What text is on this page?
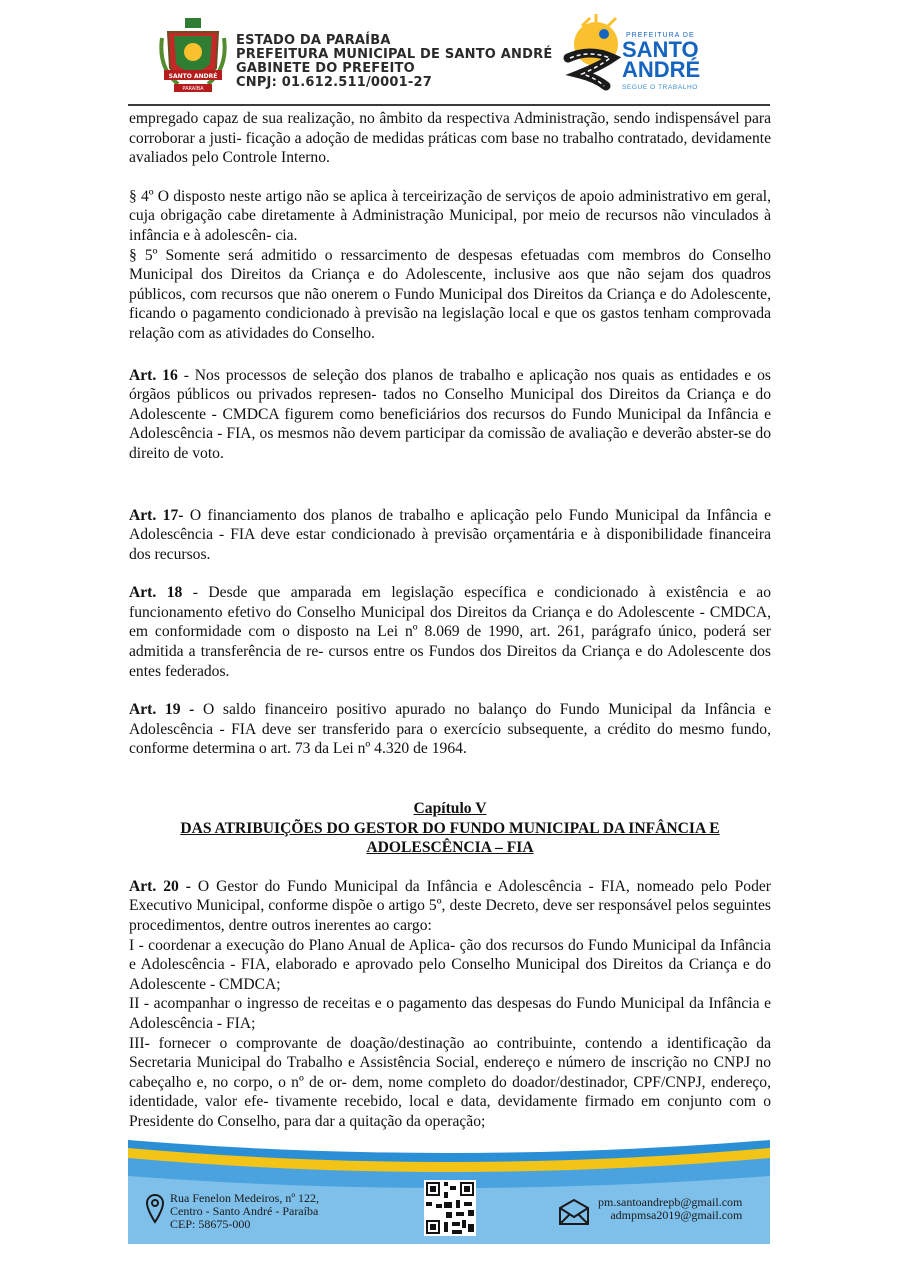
SANTO ANDRÉ
PARAÍBA
ESTADO DA PARAÍBA
PREFEITURA MUNICIPAL DE SANTO ANDRÉ
GABINETE DO PREFEITO
CNPJ: 01.612.511/0001-27
PREFEITURA DE
SANTO
ANDRÉ
SEGUE O TRABALHO

empregado capaz de sua realização, no âmbito da respectiva Administração, sendo indispensável para corroborar a justi- ficação a adoção de medidas práticas com base no trabalho contratado, devidamente avaliados pelo Controle Interno.

§ 4º O disposto neste artigo não se aplica à terceirização de serviços de apoio administrativo em geral, cuja obrigação cabe diretamente à Administração Municipal, por meio de recursos não vinculados à infância e à adolescên- cia.

§ 5º Somente será admitido o ressarcimento de despesas efetuadas com membros do Conselho Municipal dos Direitos da Criança e do Adolescente, inclusive aos que não sejam dos quadros públicos, com recursos que não onerem o Fundo Municipal dos Direitos da Criança e do Adolescente, ficando o pagamento condicionado à previsão na legislação local e que os gastos tenham comprovada relação com as atividades do Conselho.

Art. 16 - Nos processos de seleção dos planos de trabalho e aplicação nos quais as entidades e os órgãos públicos ou privados represen- tados no Conselho Municipal dos Direitos da Criança e do Adolescente - CMDCA figurem como beneficiários dos recursos do Fundo Municipal da Infância e Adolescência - FIA, os mesmos não devem participar da comissão de avaliação e deverão abster-se do direito de voto.

Art. 17- O financiamento dos planos de trabalho e aplicação pelo Fundo Municipal da Infância e Adolescência - FIA deve estar condicionado à previsão orçamentária e à disponibilidade financeira dos recursos.

Art. 18 - Desde que amparada em legislação específica e condicionado à existência e ao funcionamento efetivo do Conselho Municipal dos Direitos da Criança e do Adolescente - CMDCA, em conformidade com o disposto na Lei nº 8.069 de 1990, art. 261, parágrafo único, poderá ser admitida a transferência de re- cursos entre os Fundos dos Direitos da Criança e do Adolescente dos entes federados.

Art. 19 - O saldo financeiro positivo apurado no balanço do Fundo Municipal da Infância e Adolescência - FIA deve ser transferido para o exercício subsequente, a crédito do mesmo fundo, conforme determina o art. 73 da Lei nº 4.320 de 1964.

Capítulo V

DAS ATRIBUIÇÕES DO GESTOR DO FUNDO MUNICIPAL DA INFÂNCIA E

ADOLESCÊNCIA – FIA

Art. 20 - O Gestor do Fundo Municipal da Infância e Adolescência - FIA, nomeado pelo Poder Executivo Municipal, conforme dispõe o artigo 5º, deste Decreto, deve ser responsável pelos seguintes procedimentos, dentre outros inerentes ao cargo:

I - coordenar a execução do Plano Anual de Aplica- ção dos recursos do Fundo Municipal da Infância e Adolescência - FIA, elaborado e aprovado pelo Conselho Municipal dos Direitos da Criança e do Adolescente - CMDCA;

II - acompanhar o ingresso de receitas e o pagamento das despesas do Fundo Municipal da Infância e Adolescência - FIA;

III- fornecer o comprovante de doação/destinação ao contribuinte, contendo a identificação da Secretaria Municipal do Trabalho e Assistência Social, endereço e número de inscrição no CNPJ no cabeçalho e, no corpo, o nº de or- dem, nome completo do doador/destinador, CPF/CNPJ, endereço, identidade, valor efe- tivamente recebido, local e data, devidamente firmado em conjunto com o Presidente do Conselho, para dar a quitação da operação;

Rua Fenelon Medeiros, nº 122,
Centro - Santo André - Paraíba
CEP: 58675-000
pm.santoandrepb@gmail.com
admpmsa2019@gmail.com
